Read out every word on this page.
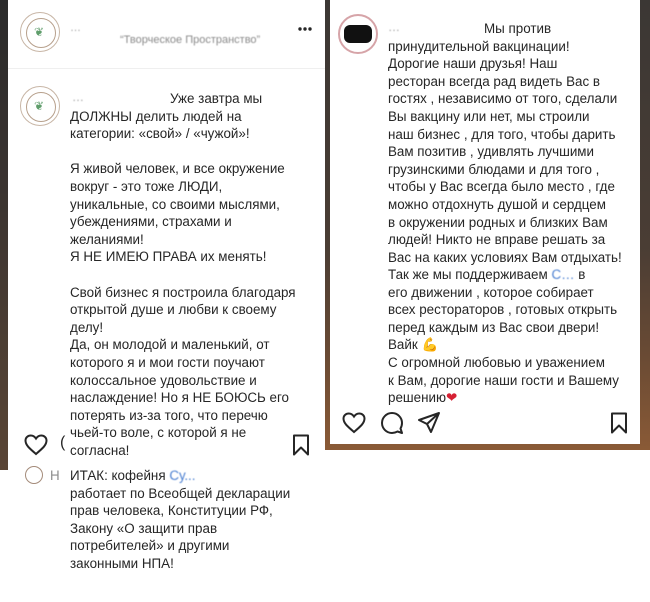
❦ …
“Творческое Пространство”
❦
…	Уже завтра мы
ДОЛЖНЫ делить людей на
категории: «свой» / «чужой»!

Я живой человек, и все окружение
вокруг - это тоже ЛЮДИ,
уникальные, со своими мыслями,
убеждениями, страхами и
желаниями!
Я НЕ ИМЕЮ ПРАВА их менять!

Свой бизнес я построила благодаря
открытой душе и любви к своему
делу!
Да, он молодой и маленький, от
которого я и мои гости поучают
колоссальное удовольствие и
наслаждение! Но я НЕ БОЮСЬ его
потерять из-за того, что перечю
чьей-то воле, с которой я не
согласна!
(
Н ИТАК: кофейня Су...
работает по Всеобщей декларации
прав человека, Конституции РФ,
Закону «О защити прав
потребителей» и другими
законными НПА!
…	Мы против
принудительной вакцинации!
Дорогие наши друзья! Наш
ресторан всегда рад видеть Вас в
гостях , независимо от того, сделали
Вы вакцину или нет, мы строили
наш бизнес , для того, чтобы дарить
Вам позитив , удивлять лучшими
грузинскими блюдами и для того ,
чтобы у Вас всегда было место , где
можно отдохнуть душой и сердцем
в окружении родных и близких Вам
людей! Никто не вправе решать за
Вас на каких условиях Вам отдыхать!
Так же мы поддерживаем С… в
его движении , которое собирает
всех рестораторов , готовых открыть
перед каждым из Вас свои двери!
Вайк 💪
С огромной любовью и уважением
к Вам, дорогие наши гости и Вашему
решению❤
